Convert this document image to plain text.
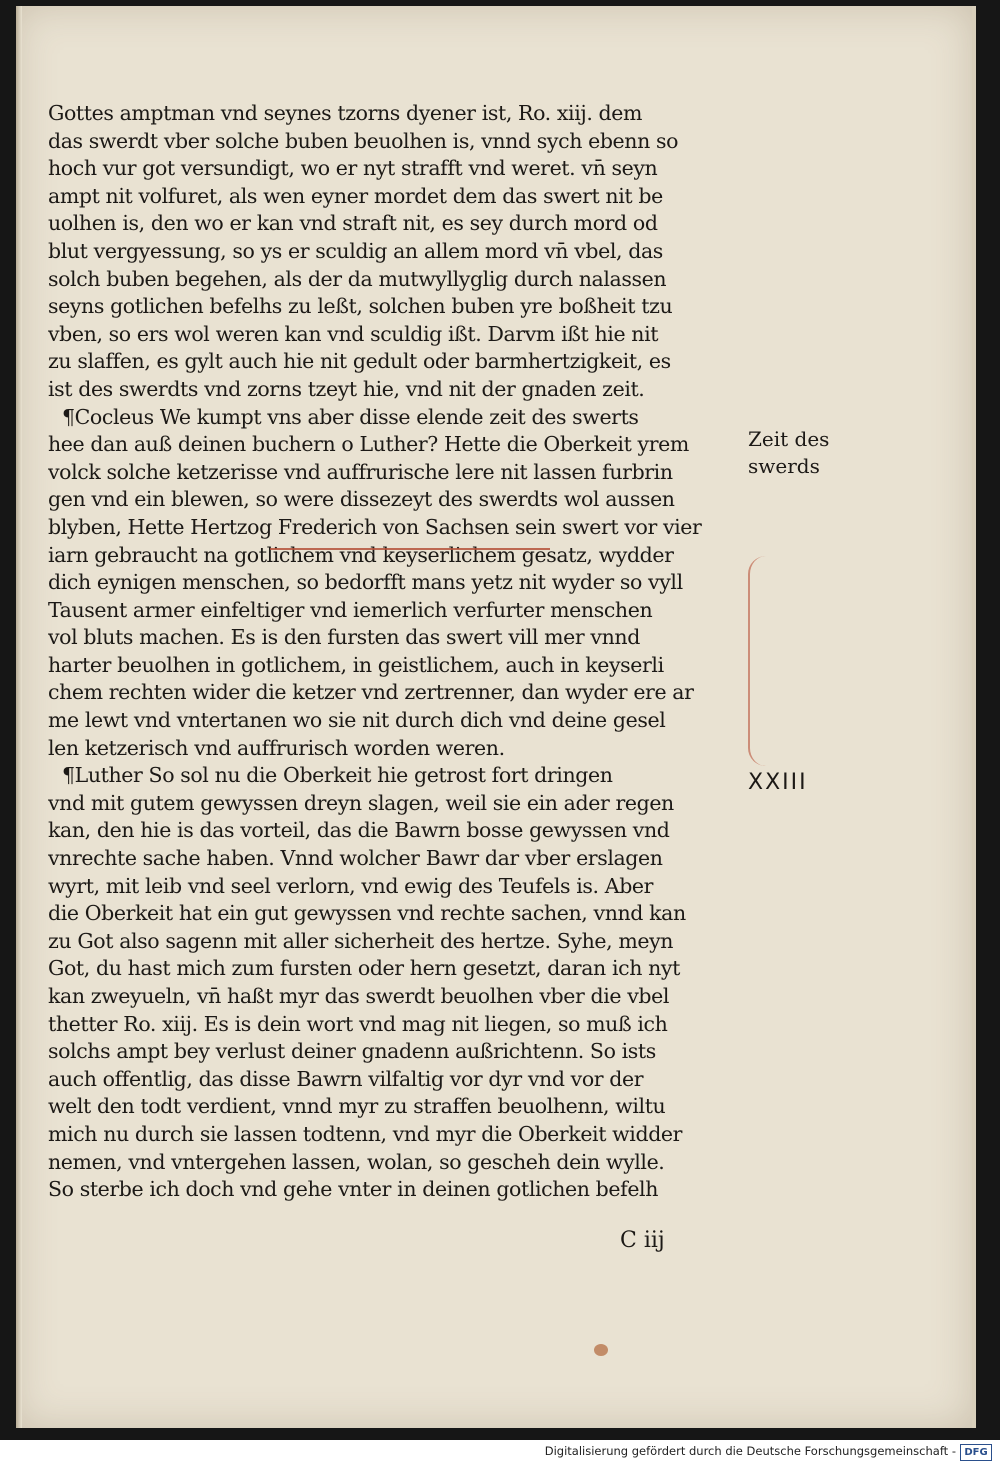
Gottes amptman vnd seynes tzorns dyener ist, Ro. xiij. dem
das swerdt vber solche buben beuolhen is, vnnd sych ebenn so
hoch vur got versundigt, wo er nyt strafft vnd weret. vn̄ seyn
ampt nit volfuret, als wen eyner mordet dem das swert nit be
uolhen is, den wo er kan vnd straft nit, es sey durch mord od
blut vergyessung, so ys er sculdig an allem mord vn̄ vbel, das
solch buben begehen, als der da mutwyllyglig durch nalassen
seyns gotlichen befelhs zu leßt, solchen buben yre boßheit tzu
vben, so ers wol weren kan vnd sculdig ißt. Darvm ißt hie nit
zu slaffen, es gylt auch hie nit gedult oder barmhertzigkeit, es
ist des swerdts vnd zorns tzeyt hie, vnd nit der gnaden zeit.
¶Cocleus We kumpt vns aber disse elende zeit des swerts
hee dan auß deinen buchern o Luther? Hette die Oberkeit yrem
volck solche ketzerisse vnd auffrurische lere nit lassen furbrin
gen vnd ein blewen, so were dissezeyt des swerdts wol aussen
blyben, Hette Hertzog Frederich von Sachsen sein swert vor vier
iarn gebraucht na gotlichem vnd keyserlichem gesatz, wydder
dich eynigen menschen, so bedorfft mans yetz nit wyder so vyll
Tausent armer einfeltiger vnd iemerlich verfurter menschen
vol bluts machen. Es is den fursten das swert vill mer vnnd
harter beuolhen in gotlichem, in geistlichem, auch in keyserli
chem rechten wider die ketzer vnd zertrenner, dan wyder ere ar
me lewt vnd vntertanen wo sie nit durch dich vnd deine gesel
len ketzerisch vnd auffrurisch worden weren.
¶Luther So sol nu die Oberkeit hie getrost fort dringen
vnd mit gutem gewyssen dreyn slagen, weil sie ein ader regen
kan, den hie is das vorteil, das die Bawrn bosse gewyssen vnd
vnrechte sache haben. Vnnd wolcher Bawr dar vber erslagen
wyrt, mit leib vnd seel verlorn, vnd ewig des Teufels is. Aber
die Oberkeit hat ein gut gewyssen vnd rechte sachen, vnnd kan
zu Got also sagenn mit aller sicherheit des hertze. Syhe, meyn
Got, du hast mich zum fursten oder hern gesetzt, daran ich nyt
kan zweyueln, vn̄ haßt myr das swerdt beuolhen vber die vbel
thetter Ro. xiij. Es is dein wort vnd mag nit liegen, so muß ich
solchs ampt bey verlust deiner gnadenn außrichtenn. So ists
auch offentlig, das disse Bawrn vilfaltig vor dyr vnd vor der
welt den todt verdient, vnnd myr zu straffen beuolhenn, wiltu
mich nu durch sie lassen todtenn, vnd myr die Oberkeit widder
nemen, vnd vntergehen lassen, wolan, so gescheh dein wylle.
So sterbe ich doch vnd gehe vnter in deinen gotlichen befelh
Zeit des
swerds

XXIII

C iij

Digitalisierung gefördert durch die Deutsche Forschungsgemeinschaft - DFG
